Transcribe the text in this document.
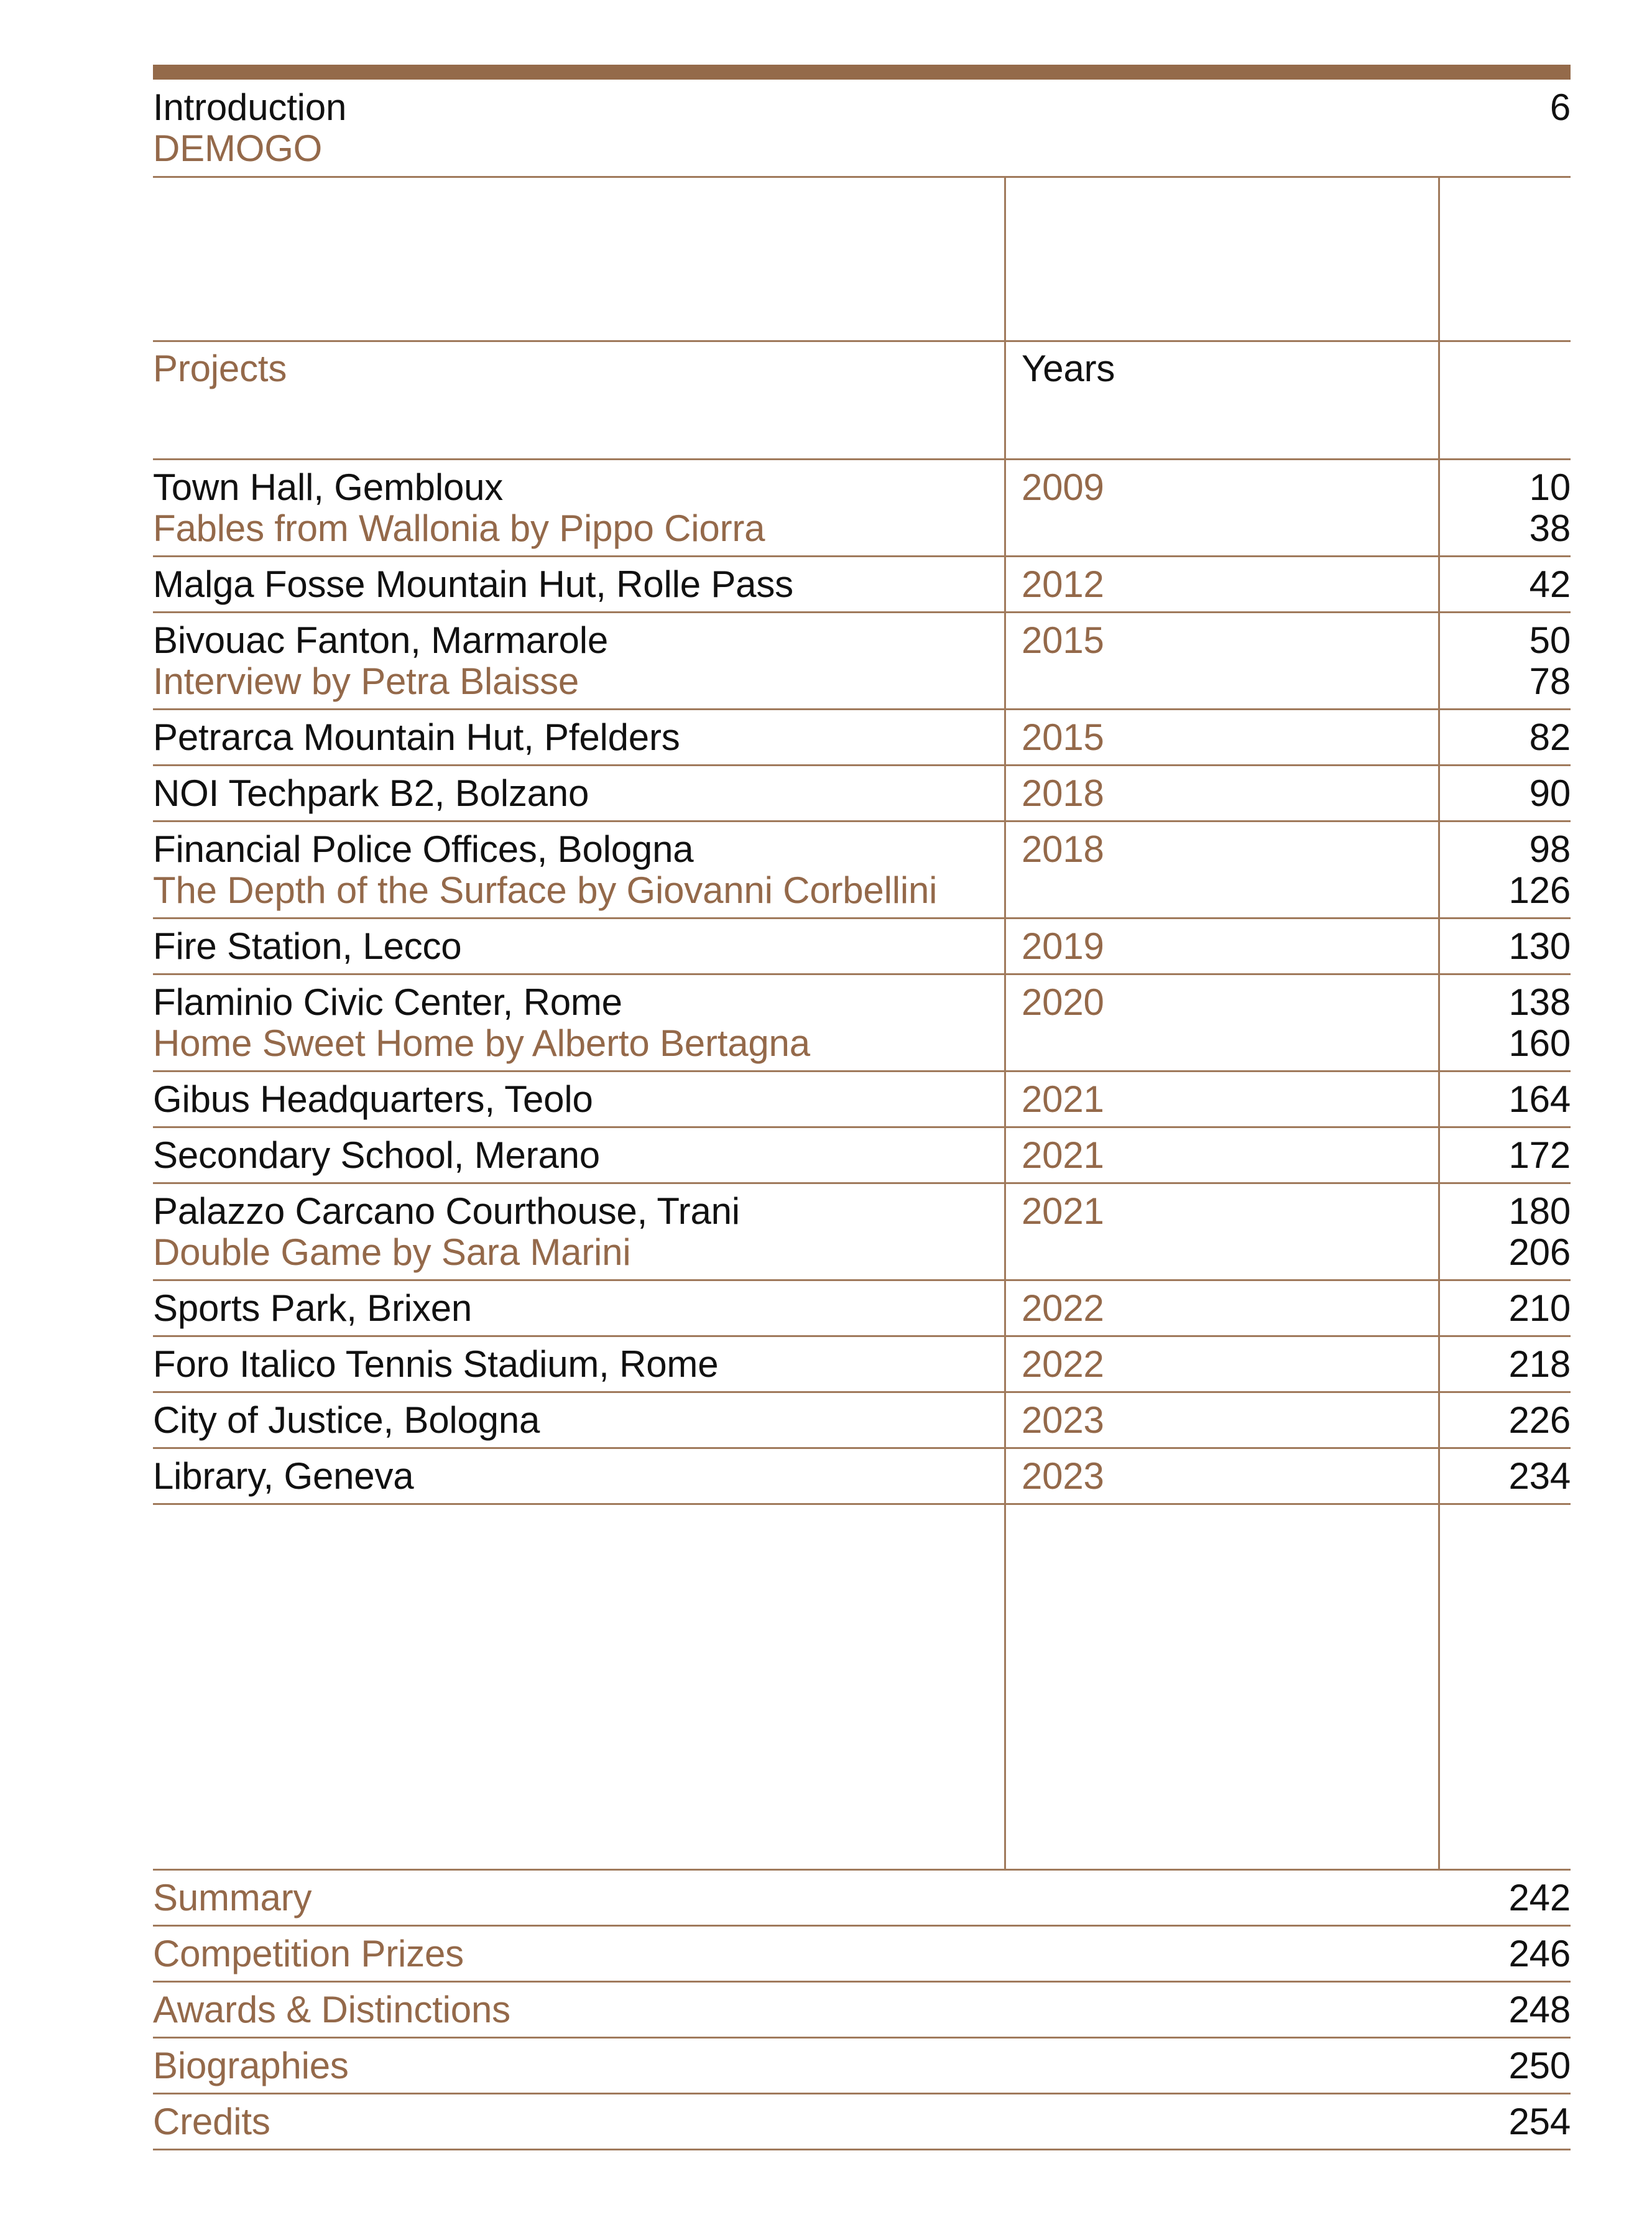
Introduction
DEMOGO
6
Projects	Years
Town Hall, Gembloux	2009	10
Fables from Wallonia by Pippo Ciorra	38
Malga Fosse Mountain Hut, Rolle Pass	2012	42
Bivouac Fanton, Marmarole	2015	50
Interview by Petra Blaisse	78
Petrarca Mountain Hut, Pfelders	2015	82
NOI Techpark B2, Bolzano	2018	90
Financial Police Offices, Bologna	2018	98
The Depth of the Surface by Giovanni Corbellini	126
Fire Station, Lecco	2019	130
Flaminio Civic Center, Rome	2020	138
Home Sweet Home by Alberto Bertagna	160
Gibus Headquarters, Teolo	2021	164
Secondary School, Merano	2021	172
Palazzo Carcano Courthouse, Trani	2021	180
Double Game by Sara Marini	206
Sports Park, Brixen	2022	210
Foro Italico Tennis Stadium, Rome	2022	218
City of Justice, Bologna	2023	226
Library, Geneva	2023	234
Summary	242
Competition Prizes	246
Awards & Distinctions	248
Biographies	250
Credits	254
